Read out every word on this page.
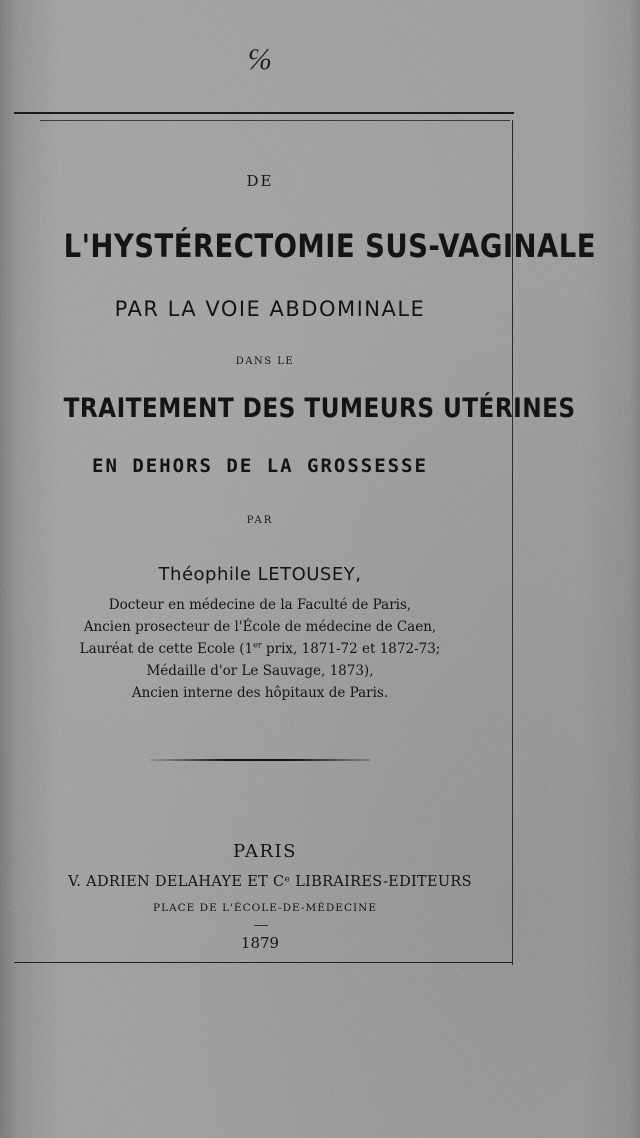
℅
DE
L'HYSTÉRECTOMIE SUS-VAGINALE
PAR LA VOIE ABDOMINALE
DANS LE
TRAITEMENT DES TUMEURS UTÉRINES
EN DEHORS DE LA GROSSESSE
PAR
Théophile LETOUSEY,
Docteur en médecine de la Faculté de Paris,
Ancien prosecteur de l'École de médecine de Caen,
Lauréat de cette Ecole (1er prix, 1871-72 et 1872-73;
Médaille d'or Le Sauvage, 1873),
Ancien interne des hôpitaux de Paris.
PARIS
V. ADRIEN DELAHAYE ET Cᵉ LIBRAIRES-EDITEURS
PLACE DE L'ÉCOLE-DE-MÉDECINE
1879
